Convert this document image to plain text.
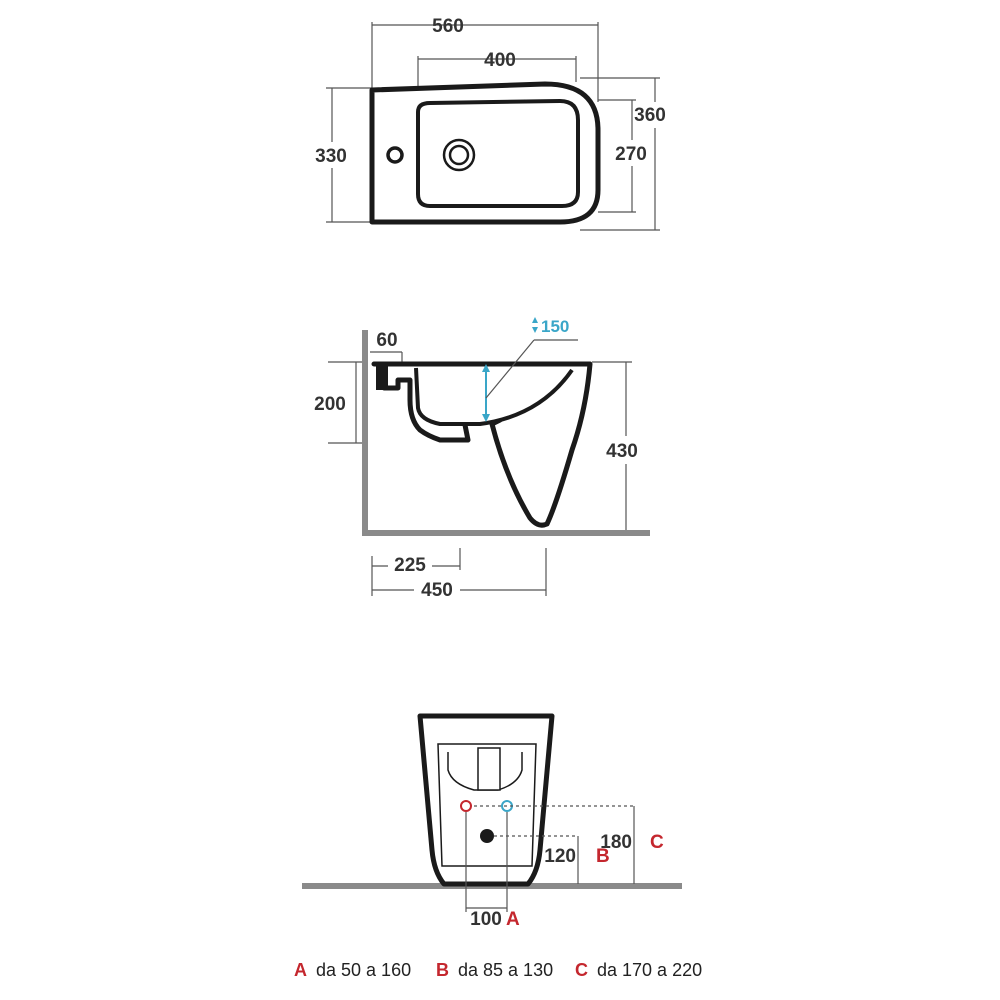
560
400
330
360
270
60
200
430
150
225
450
120 B
180 C
100 A
A da 50 a 160 B da 85 a 130 C da 170 a 220
